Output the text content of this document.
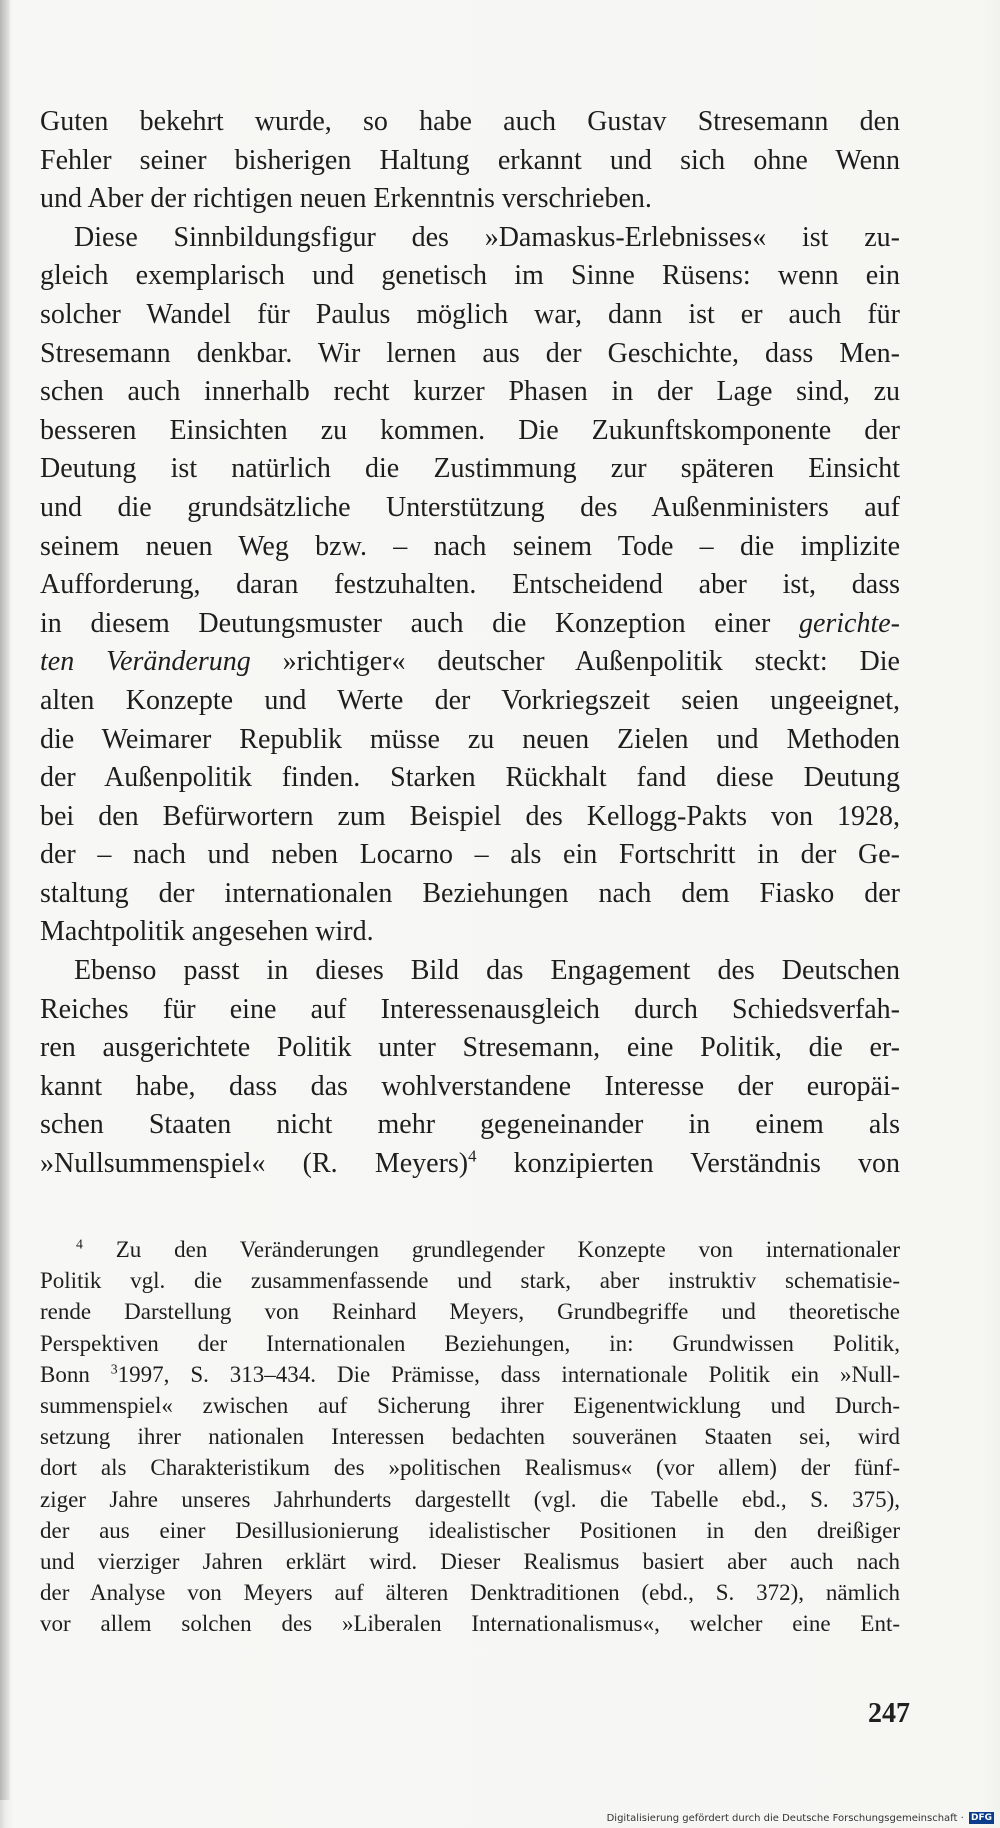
Guten bekehrt wurde, so habe auch Gustav Stresemann den
Fehler seiner bisherigen Haltung erkannt und sich ohne Wenn
und Aber der richtigen neuen Erkenntnis verschrieben.
Diese Sinnbildungsfigur des »Damaskus-Erlebnisses« ist zu-
gleich exemplarisch und genetisch im Sinne Rüsens: wenn ein
solcher Wandel für Paulus möglich war, dann ist er auch für
Stresemann denkbar. Wir lernen aus der Geschichte, dass Men-
schen auch innerhalb recht kurzer Phasen in der Lage sind, zu
besseren Einsichten zu kommen. Die Zukunftskomponente der
Deutung ist natürlich die Zustimmung zur späteren Einsicht
und die grundsätzliche Unterstützung des Außenministers auf
seinem neuen Weg bzw. – nach seinem Tode – die implizite
Aufforderung, daran festzuhalten. Entscheidend aber ist, dass
in diesem Deutungsmuster auch die Konzeption einer gerichte-
ten Veränderung »richtiger« deutscher Außenpolitik steckt: Die
alten Konzepte und Werte der Vorkriegszeit seien ungeeignet,
die Weimarer Republik müsse zu neuen Zielen und Methoden
der Außenpolitik finden. Starken Rückhalt fand diese Deutung
bei den Befürwortern zum Beispiel des Kellogg-Pakts von 1928,
der – nach und neben Locarno – als ein Fortschritt in der Ge-
staltung der internationalen Beziehungen nach dem Fiasko der
Machtpolitik angesehen wird.
Ebenso passt in dieses Bild das Engagement des Deutschen
Reiches für eine auf Interessenausgleich durch Schiedsverfah-
ren ausgerichtete Politik unter Stresemann, eine Politik, die er-
kannt habe, dass das wohlverstandene Interesse der europäi-
schen Staaten nicht mehr gegeneinander in einem als
»Nullsummenspiel« (R. Meyers)$^4$ konzipierten Verständnis von
$^4$ Zu den Veränderungen grundlegender Konzepte von internationaler
Politik vgl. die zusammenfassende und stark, aber instruktiv schematisie-
rende Darstellung von Reinhard Meyers, Grundbegriffe und theoretische
Perspektiven der Internationalen Beziehungen, in: Grundwissen Politik,
Bonn $^3$1997, S. 313–434. Die Prämisse, dass internationale Politik ein »Null-
summenspiel« zwischen auf Sicherung ihrer Eigenentwicklung und Durch-
setzung ihrer nationalen Interessen bedachten souveränen Staaten sei, wird
dort als Charakteristikum des »politischen Realismus« (vor allem) der fünf-
ziger Jahre unseres Jahrhunderts dargestellt (vgl. die Tabelle ebd., S. 375),
der aus einer Desillusionierung idealistischer Positionen in den dreißiger
und vierziger Jahren erklärt wird. Dieser Realismus basiert aber auch nach
der Analyse von Meyers auf älteren Denktraditionen (ebd., S. 372), nämlich
vor allem solchen des »Liberalen Internationalismus«, welcher eine Ent-
247
Digitalisierung gefördert durch die Deutsche Forschungsgemeinschaft · DFG
